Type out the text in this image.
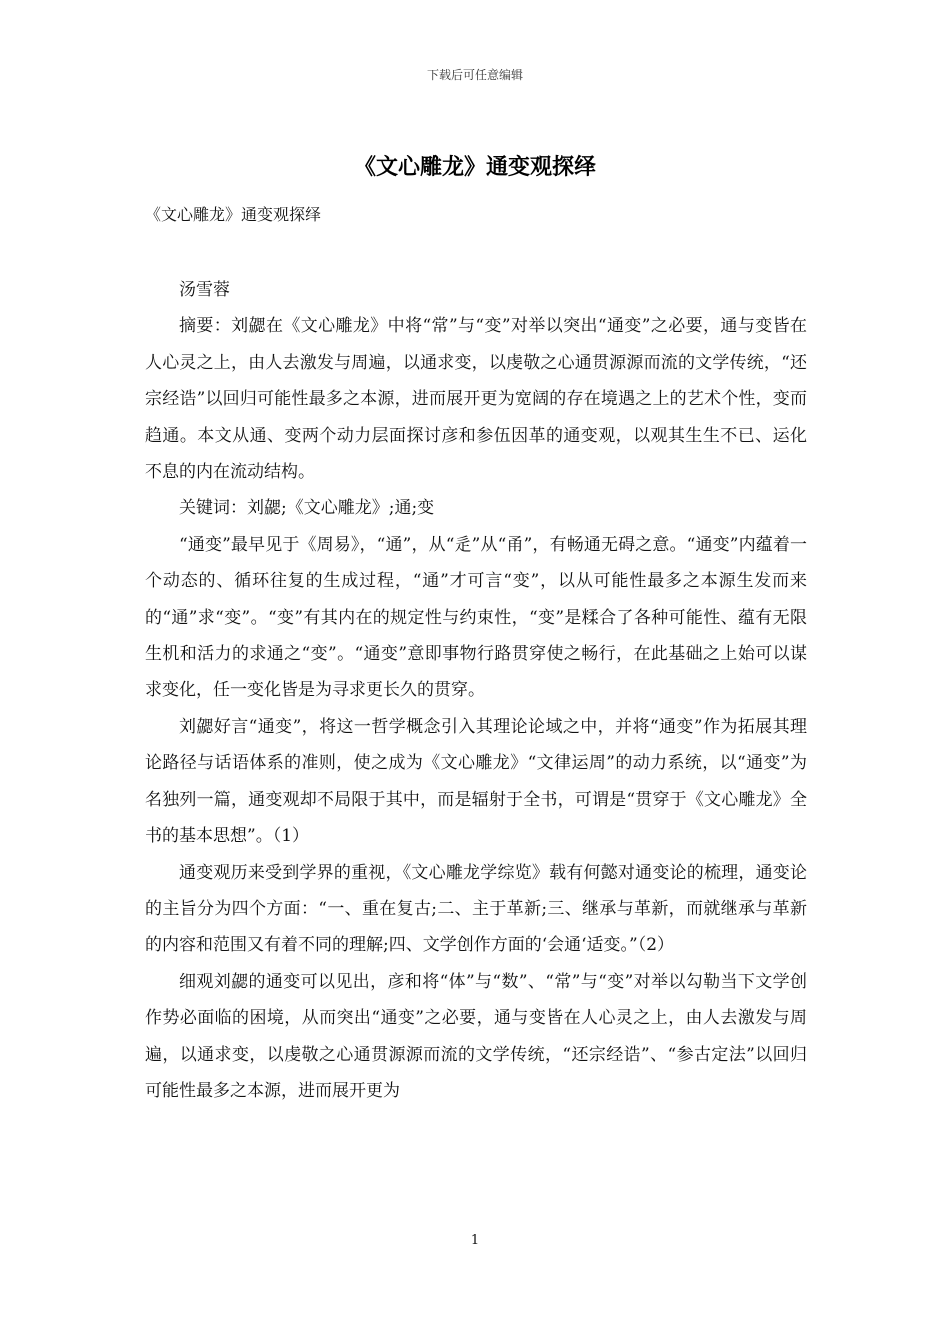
下载后可任意编辑
《文心雕龙》通变观探绎
《文心雕龙》通变观探绎

汤雪蓉

摘要：刘勰在《文心雕龙》中将“常”与“变”对举以突出“通变”之必要，通与变皆在人心灵之上，由人去激发与周遍，以通求变，以虔敬之心通贯源源而流的文学传统，“还宗经诰”以回归可能性最多之本源，进而展开更为宽阔的存在境遇之上的艺术个性，变而趋通。本文从通、变两个动力层面探讨彦和参伍因革的通变观，以观其生生不已、运化不息的内在流动结构。

关键词：刘勰;《文心雕龙》;通;变

“通变”最早见于《周易》，“通”，从“辵”从“甬”，有畅通无碍之意。“通变”内蕴着一个动态的、循环往复的生成过程，“通”才可言“变”，以从可能性最多之本源生发而来的“通”求“变”。“变”有其内在的规定性与约束性，“变”是糅合了各种可能性、蕴有无限生机和活力的求通之“变”。“通变”意即事物行路贯穿使之畅行，在此基础之上始可以谋求变化，任一变化皆是为寻求更长久的贯穿。

刘勰好言“通变”，将这一哲学概念引入其理论论域之中，并将“通变”作为拓展其理论路径与话语体系的准则，使之成为《文心雕龙》“文律运周”的动力系统，以“通变”为名独列一篇，通变观却不局限于其中，而是辐射于全书，可谓是“贯穿于《文心雕龙》全书的基本思想”。（1）

通变观历来受到学界的重视，《文心雕龙学综览》载有何懿对通变论的梳理，通变论的主旨分为四个方面：“一、重在复古;二、主于革新;三、继承与革新，而就继承与革新的内容和范围又有着不同的理解;四、文学创作方面的‘会通‘适变。”（2）

细观刘勰的通变可以见出，彦和将“体”与“数”、“常”与“变”对举以勾勒当下文学创作势必面临的困境，从而突出“通变”之必要，通与变皆在人心灵之上，由人去激发与周遍，以通求变，以虔敬之心通贯源源而流的文学传统，“还宗经诰”、“参古定法”以回归可能性最多之本源，进而展开更为

1
